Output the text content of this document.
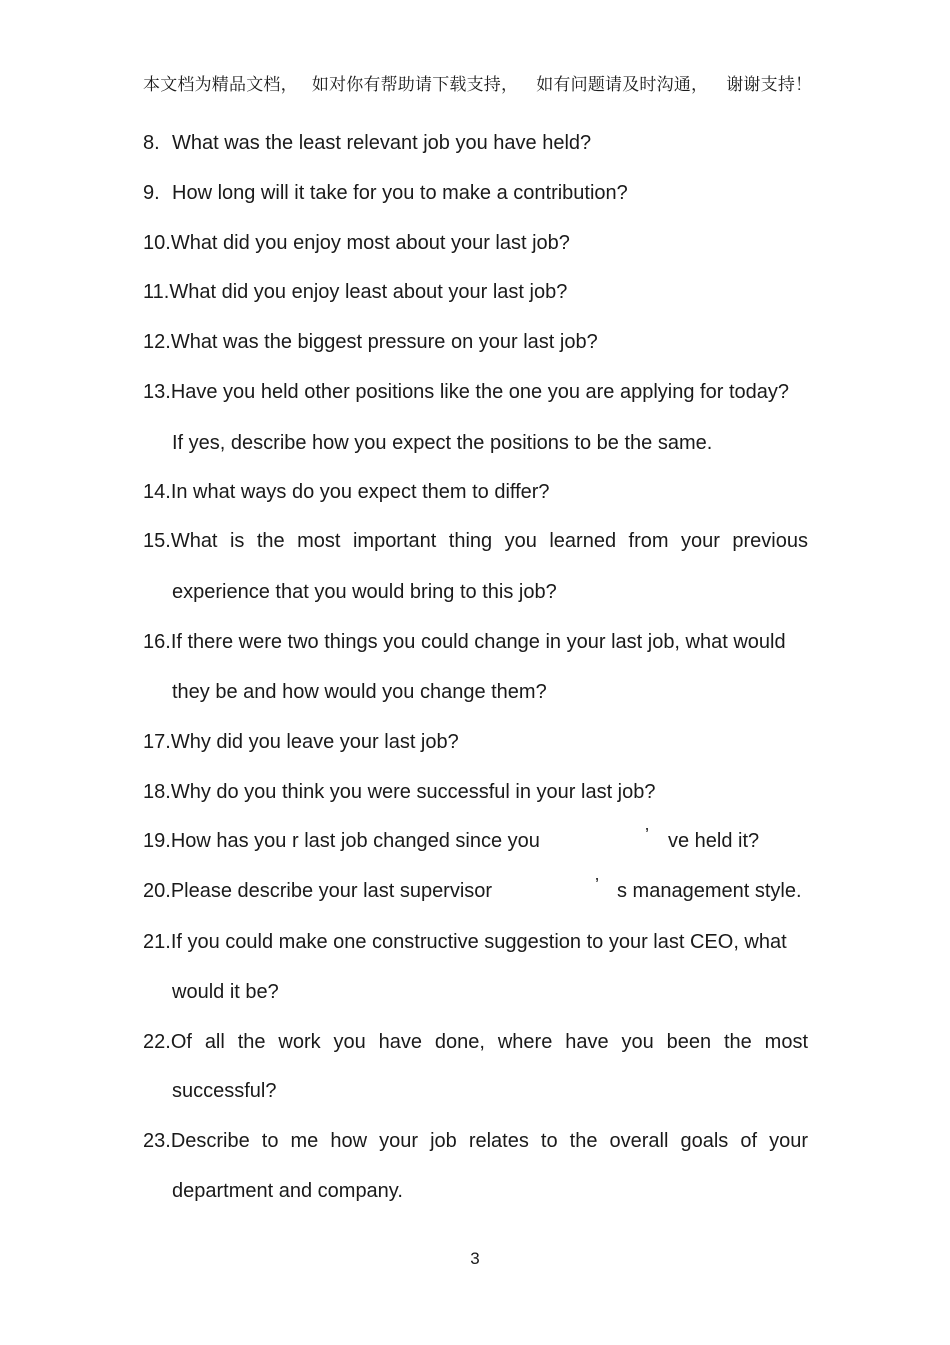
本文档为精品文档， 如对你有帮助请下载支持， 如有问题请及时沟通， 谢谢支持！
8. What was the least relevant job you have held?
9. How long will it take for you to make a contribution?
10.What did you enjoy most about your last job?
11.What did you enjoy least about your last job?
12.What was the biggest pressure on your last job?
13.Have you held other positions like the one you are applying for today?
If yes, describe how you expect the positions to be the same.
14.In what ways do you expect them to differ?
15. What is the most important thing you learned from your previous
experience that you would bring to this job?
16.If there were two things you could change in your last job, what would
they be and how would you change them?
17.Why did you leave your last job?
18.Why do you think you were successful in your last job?
19.How has you r last job changed since you	’ ve held it?
20.Please describe your last supervisor	’ s management style.
21.If you could make one constructive suggestion to your last CEO, what
would it be?
22. Of all the work you have done, where have you been the most
successful?
23. Describe to me how your job relates to the overall goals of your
department and company.
3
